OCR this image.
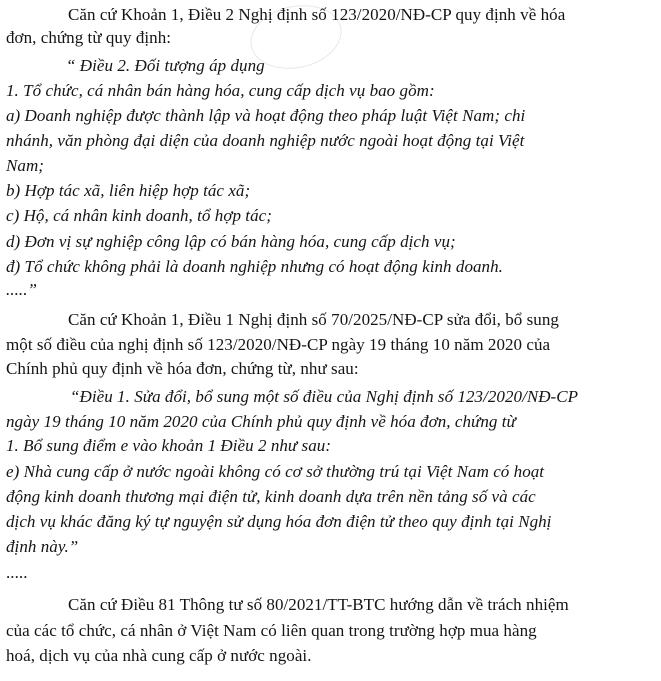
Căn cứ Khoản 1, Điều 2 Nghị định số 123/2020/NĐ-CP quy định về hóa
đơn, chứng từ quy định:
“ Điều 2. Đối tượng áp dụng
1. Tổ chức, cá nhân bán hàng hóa, cung cấp dịch vụ bao gồm:
a) Doanh nghiệp được thành lập và hoạt động theo pháp luật Việt Nam; chi
nhánh, văn phòng đại diện của doanh nghiệp nước ngoài hoạt động tại Việt
Nam;
b) Hợp tác xã, liên hiệp hợp tác xã;
c) Hộ, cá nhân kinh doanh, tổ hợp tác;
d) Đơn vị sự nghiệp công lập có bán hàng hóa, cung cấp dịch vụ;
đ) Tổ chức không phải là doanh nghiệp nhưng có hoạt động kinh doanh.
.....”
Căn cứ Khoản 1, Điều 1 Nghị định số 70/2025/NĐ-CP sửa đổi, bổ sung
một số điều của nghị định số 123/2020/NĐ-CP ngày 19 tháng 10 năm 2020 của
Chính phủ quy định về hóa đơn, chứng từ, như sau:
“Điều 1. Sửa đổi, bổ sung một số điều của Nghị định số 123/2020/NĐ-CP
ngày 19 tháng 10 năm 2020 của Chính phủ quy định về hóa đơn, chứng từ
1. Bổ sung điểm e vào khoản 1 Điều 2 như sau:
e) Nhà cung cấp ở nước ngoài không có cơ sở thường trú tại Việt Nam có hoạt
động kinh doanh thương mại điện tử, kinh doanh dựa trên nền tảng số và các
dịch vụ khác đăng ký tự nguyện sử dụng hóa đơn điện tử theo quy định tại Nghị
định này.”
.....
Căn cứ Điều 81 Thông tư số 80/2021/TT-BTC hướng dẫn về trách nhiệm
của các tổ chức, cá nhân ở Việt Nam có liên quan trong trường hợp mua hàng
hoá, dịch vụ của nhà cung cấp ở nước ngoài.
